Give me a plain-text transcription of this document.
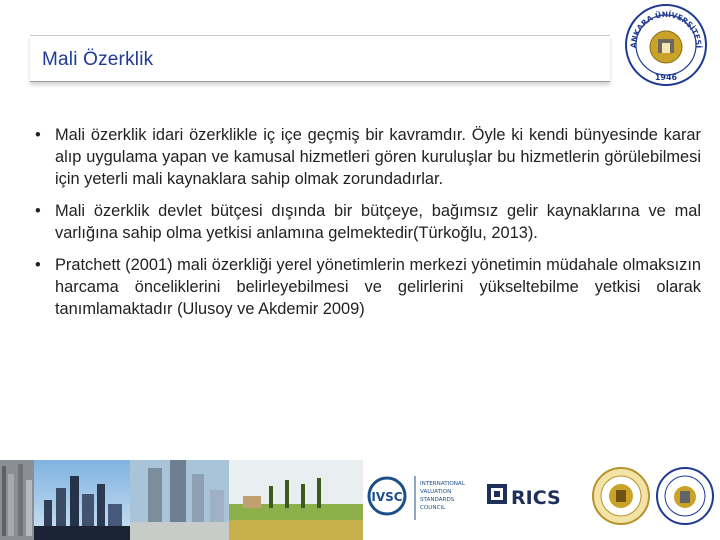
Mali Özerklik
ANKARA ÜNİVERSİTESİ
1946
• Mali özerklik idari özerklikle iç içe geçmiş bir kavramdır. Öyle ki kendi bünyesinde karar alıp uygulama yapan ve kamusal hizmetleri gören kuruluşlar bu hizmetlerin görülebilmesi için yeterli mali kaynaklara sahip olmak zorundadırlar.
• Mali özerklik devlet bütçesi dışında bir bütçeye, bağımsız gelir kaynaklarına ve mal varlığına sahip olma yetkisi anlamına gelmektedir(Türkoğlu, 2013).
• Pratchett (2001) mali özerkliği yerel yönetimlerin merkezi yönetimin müdahale olmaksızın harcama önceliklerini belirleyebilmesi ve gelirlerini yükseltebilme yetkisi olarak tanımlamaktadır (Ulusoy ve Akdemir 2009)
IVSC
INTERNATIONAL
VALUATION
STANDARDS
COUNCIL	RICS
